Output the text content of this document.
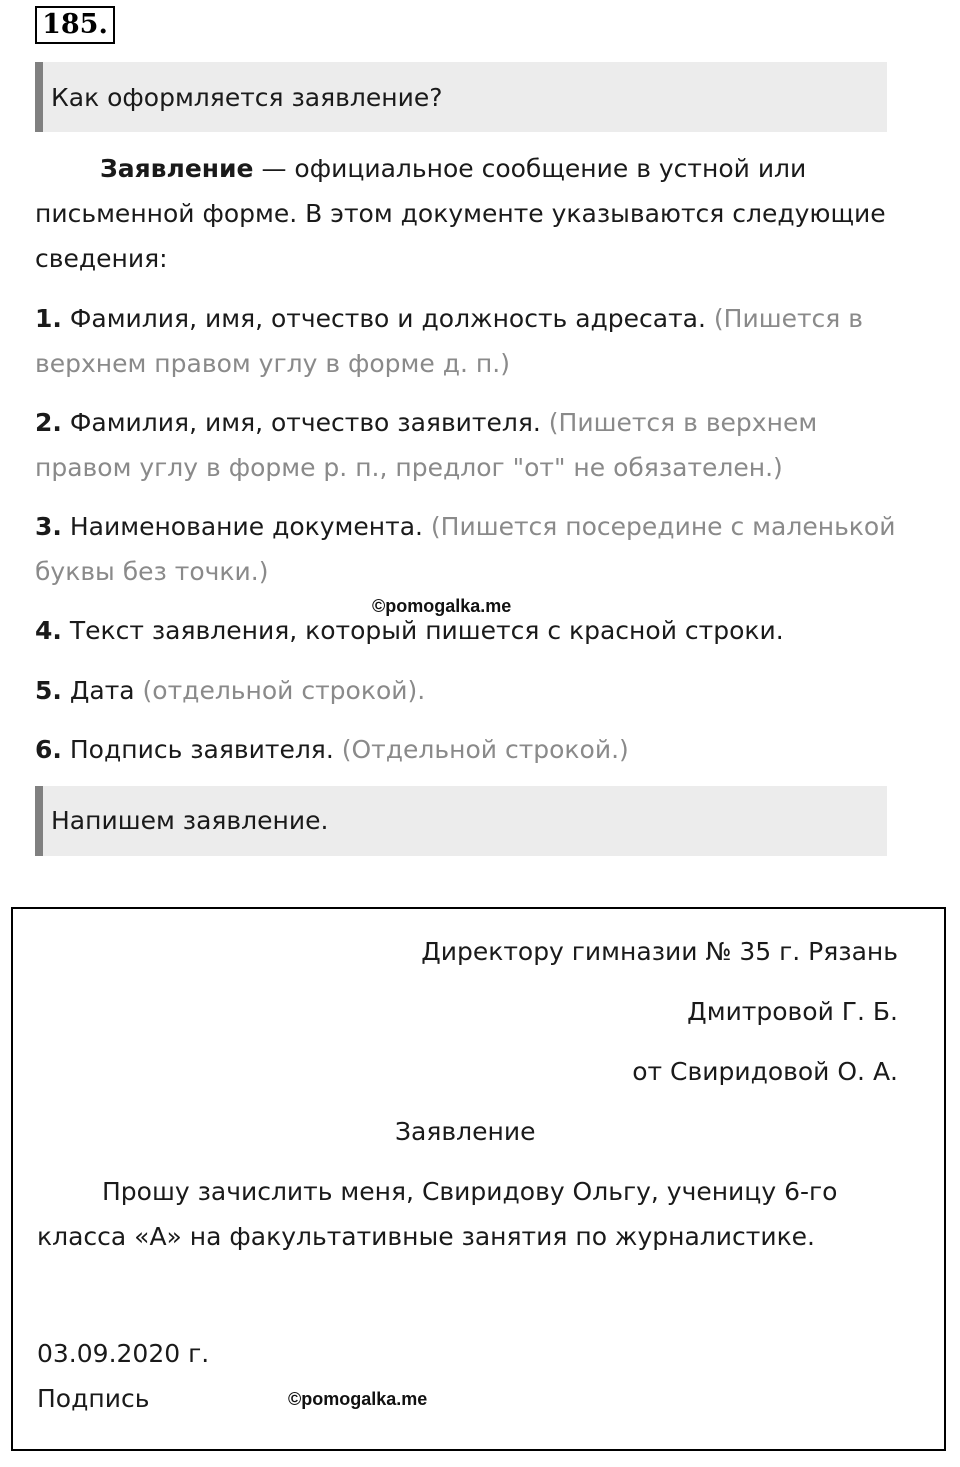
185.
Как оформляется заявление?

Заявление — официальное сообщение в устной или письменной форме. В этом документе указываются следующие сведения:

1. Фамилия, имя, отчество и должность адресата. (Пишется в верхнем правом углу в форме д. п.)

2. Фамилия, имя, отчество заявителя. (Пишется в верхнем правом углу в форме р. п., предлог "от" не обязателен.)

3. Наименование документа. (Пишется посередине с маленькой буквы без точки.)

©pomogalka.me

4. Текст заявления, который пишется с красной строки.

5. Дата (отдельной строкой).

6. Подпись заявителя. (Отдельной строкой.)

Напишем заявление.
Директору гимназии № 35 г. Рязань
Дмитровой Г. Б.
от Свиридовой О. А.
Заявление

Прошу зачислить меня, Свиридову Ольгу, ученицу 6-го класса «А» на факультативные занятия по журналистике.

03.09.2020 г.
Подпись	©pomogalka.me
